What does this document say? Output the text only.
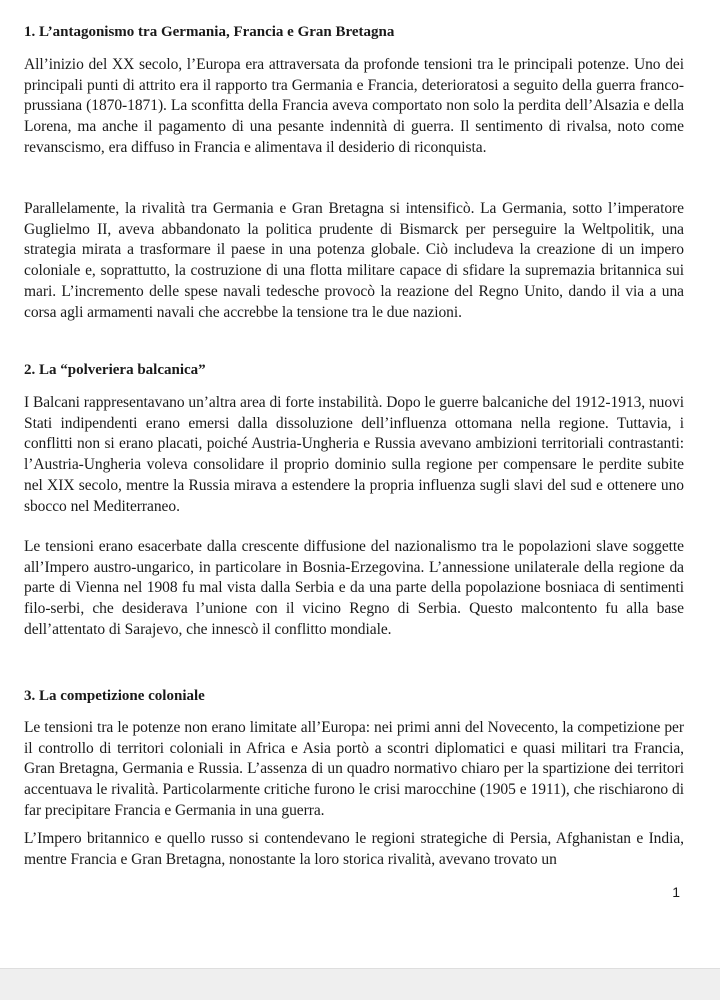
1. L’antagonismo tra Germania, Francia e Gran Bretagna

All’inizio del XX secolo, l’Europa era attraversata da profonde tensioni tra le principali potenze. Uno dei principali punti di attrito era il rapporto tra Germania e Francia, deterioratosi a seguito della guerra franco-prussiana (1870-1871). La sconfitta della Francia aveva comportato non solo la perdita dell’Alsazia e della Lorena, ma anche il pagamento di una pesante indennità di guerra. Il sentimento di rivalsa, noto come revanscismo, era diffuso in Francia e alimentava il desiderio di riconquista.

Parallelamente, la rivalità tra Germania e Gran Bretagna si intensificò. La Germania, sotto l’imperatore Guglielmo II, aveva abbandonato la politica prudente di Bismarck per perseguire la Weltpolitik, una strategia mirata a trasformare il paese in una potenza globale. Ciò includeva la creazione di un impero coloniale e, soprattutto, la costruzione di una flotta militare capace di sfidare la supremazia britannica sui mari. L’incremento delle spese navali tedesche provocò la reazione del Regno Unito, dando il via a una corsa agli armamenti navali che accrebbe la tensione tra le due nazioni.

2. La “polveriera balcanica”

I Balcani rappresentavano un’altra area di forte instabilità. Dopo le guerre balcaniche del 1912-1913, nuovi Stati indipendenti erano emersi dalla dissoluzione dell’influenza ottomana nella regione. Tuttavia, i conflitti non si erano placati, poiché Austria-Ungheria e Russia avevano ambizioni territoriali contrastanti: l’Austria-Ungheria voleva consolidare il proprio dominio sulla regione per compensare le perdite subite nel XIX secolo, mentre la Russia mirava a estendere la propria influenza sugli slavi del sud e ottenere uno sbocco nel Mediterraneo.

Le tensioni erano esacerbate dalla crescente diffusione del nazionalismo tra le popolazioni slave soggette all’Impero austro-ungarico, in particolare in Bosnia-Erzegovina. L’annessione unilaterale della regione da parte di Vienna nel 1908 fu mal vista dalla Serbia e da una parte della popolazione bosniaca di sentimenti filo-serbi, che desiderava l’unione con il vicino Regno di Serbia. Questo malcontento fu alla base dell’attentato di Sarajevo, che innescò il conflitto mondiale.

3. La competizione coloniale

Le tensioni tra le potenze non erano limitate all’Europa: nei primi anni del Novecento, la competizione per il controllo di territori coloniali in Africa e Asia portò a scontri diplomatici e quasi militari tra Francia, Gran Bretagna, Germania e Russia. L’assenza di un quadro normativo chiaro per la spartizione dei territori accentuava le rivalità. Particolarmente critiche furono le crisi marocchine (1905 e 1911), che rischiarono di far precipitare Francia e Germania in una guerra.

L’Impero britannico e quello russo si contendevano le regioni strategiche di Persia, Afghanistan e India, mentre Francia e Gran Bretagna, nonostante la loro storica rivalità, avevano trovato un

1
